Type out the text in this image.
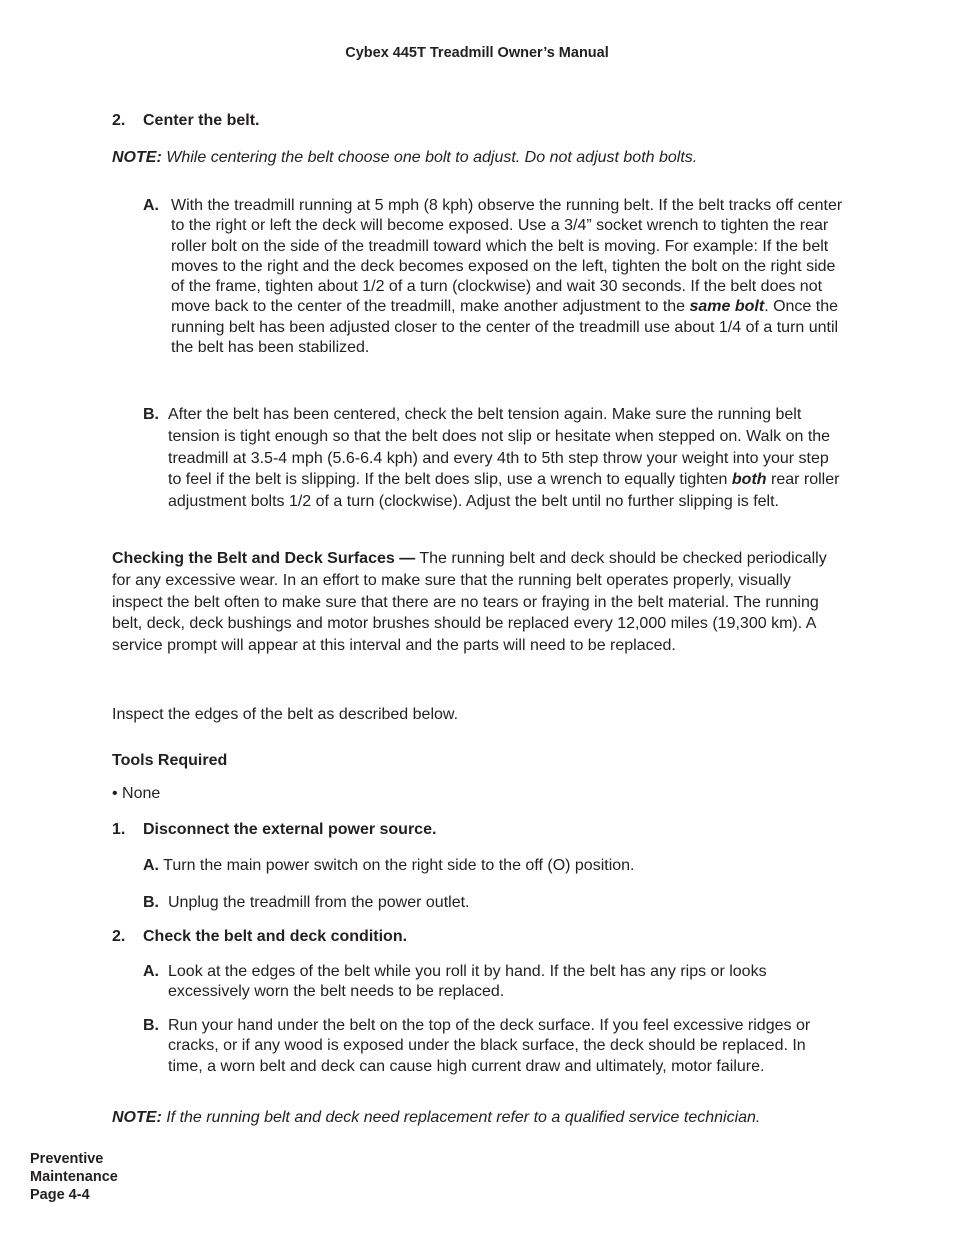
Cybex 445T Treadmill Owner’s Manual
2. Center the belt.
NOTE: While centering the belt choose one bolt to adjust. Do not adjust both bolts.
A. With the treadmill running at 5 mph (8 kph) observe the running belt. If the belt tracks off center to the right or left the deck will become exposed. Use a 3/4” socket wrench to tighten the rear roller bolt on the side of the treadmill toward which the belt is moving. For example: If the belt moves to the right and the deck becomes exposed on the left, tighten the bolt on the right side of the frame, tighten about 1/2 of a turn (clockwise) and wait 30 seconds. If the belt does not move back to the center of the treadmill, make another adjustment to the same bolt. Once the running belt has been adjusted closer to the center of the treadmill use about 1/4 of a turn until the belt has been stabilized.
B. After the belt has been centered, check the belt tension again. Make sure the running belt tension is tight enough so that the belt does not slip or hesitate when stepped on. Walk on the treadmill at 3.5-4 mph (5.6-6.4 kph) and every 4th to 5th step throw your weight into your step to feel if the belt is slipping. If the belt does slip, use a wrench to equally tighten both rear roller adjustment bolts 1/2 of a turn (clockwise). Adjust the belt until no further slipping is felt.
Checking the Belt and Deck Surfaces — The running belt and deck should be checked periodically for any excessive wear. In an effort to make sure that the running belt operates properly, visually inspect the belt often to make sure that there are no tears or fraying in the belt material. The running belt, deck, deck bushings and motor brushes should be replaced every 12,000 miles (19,300 km). A service prompt will appear at this interval and the parts will need to be replaced.
Inspect the edges of the belt as described below.
Tools Required
• None
1. Disconnect the external power source.
A. Turn the main power switch on the right side to the off (O) position.
B. Unplug the treadmill from the power outlet.
2. Check the belt and deck condition.
A. Look at the edges of the belt while you roll it by hand. If the belt has any rips or looks excessively worn the belt needs to be replaced.
B. Run your hand under the belt on the top of the deck surface. If you feel excessive ridges or cracks, or if any wood is exposed under the black surface, the deck should be replaced. In time, a worn belt and deck can cause high current draw and ultimately, motor failure.
NOTE: If the running belt and deck need replacement refer to a qualified service technician.
Preventive
Maintenance
Page 4-4
